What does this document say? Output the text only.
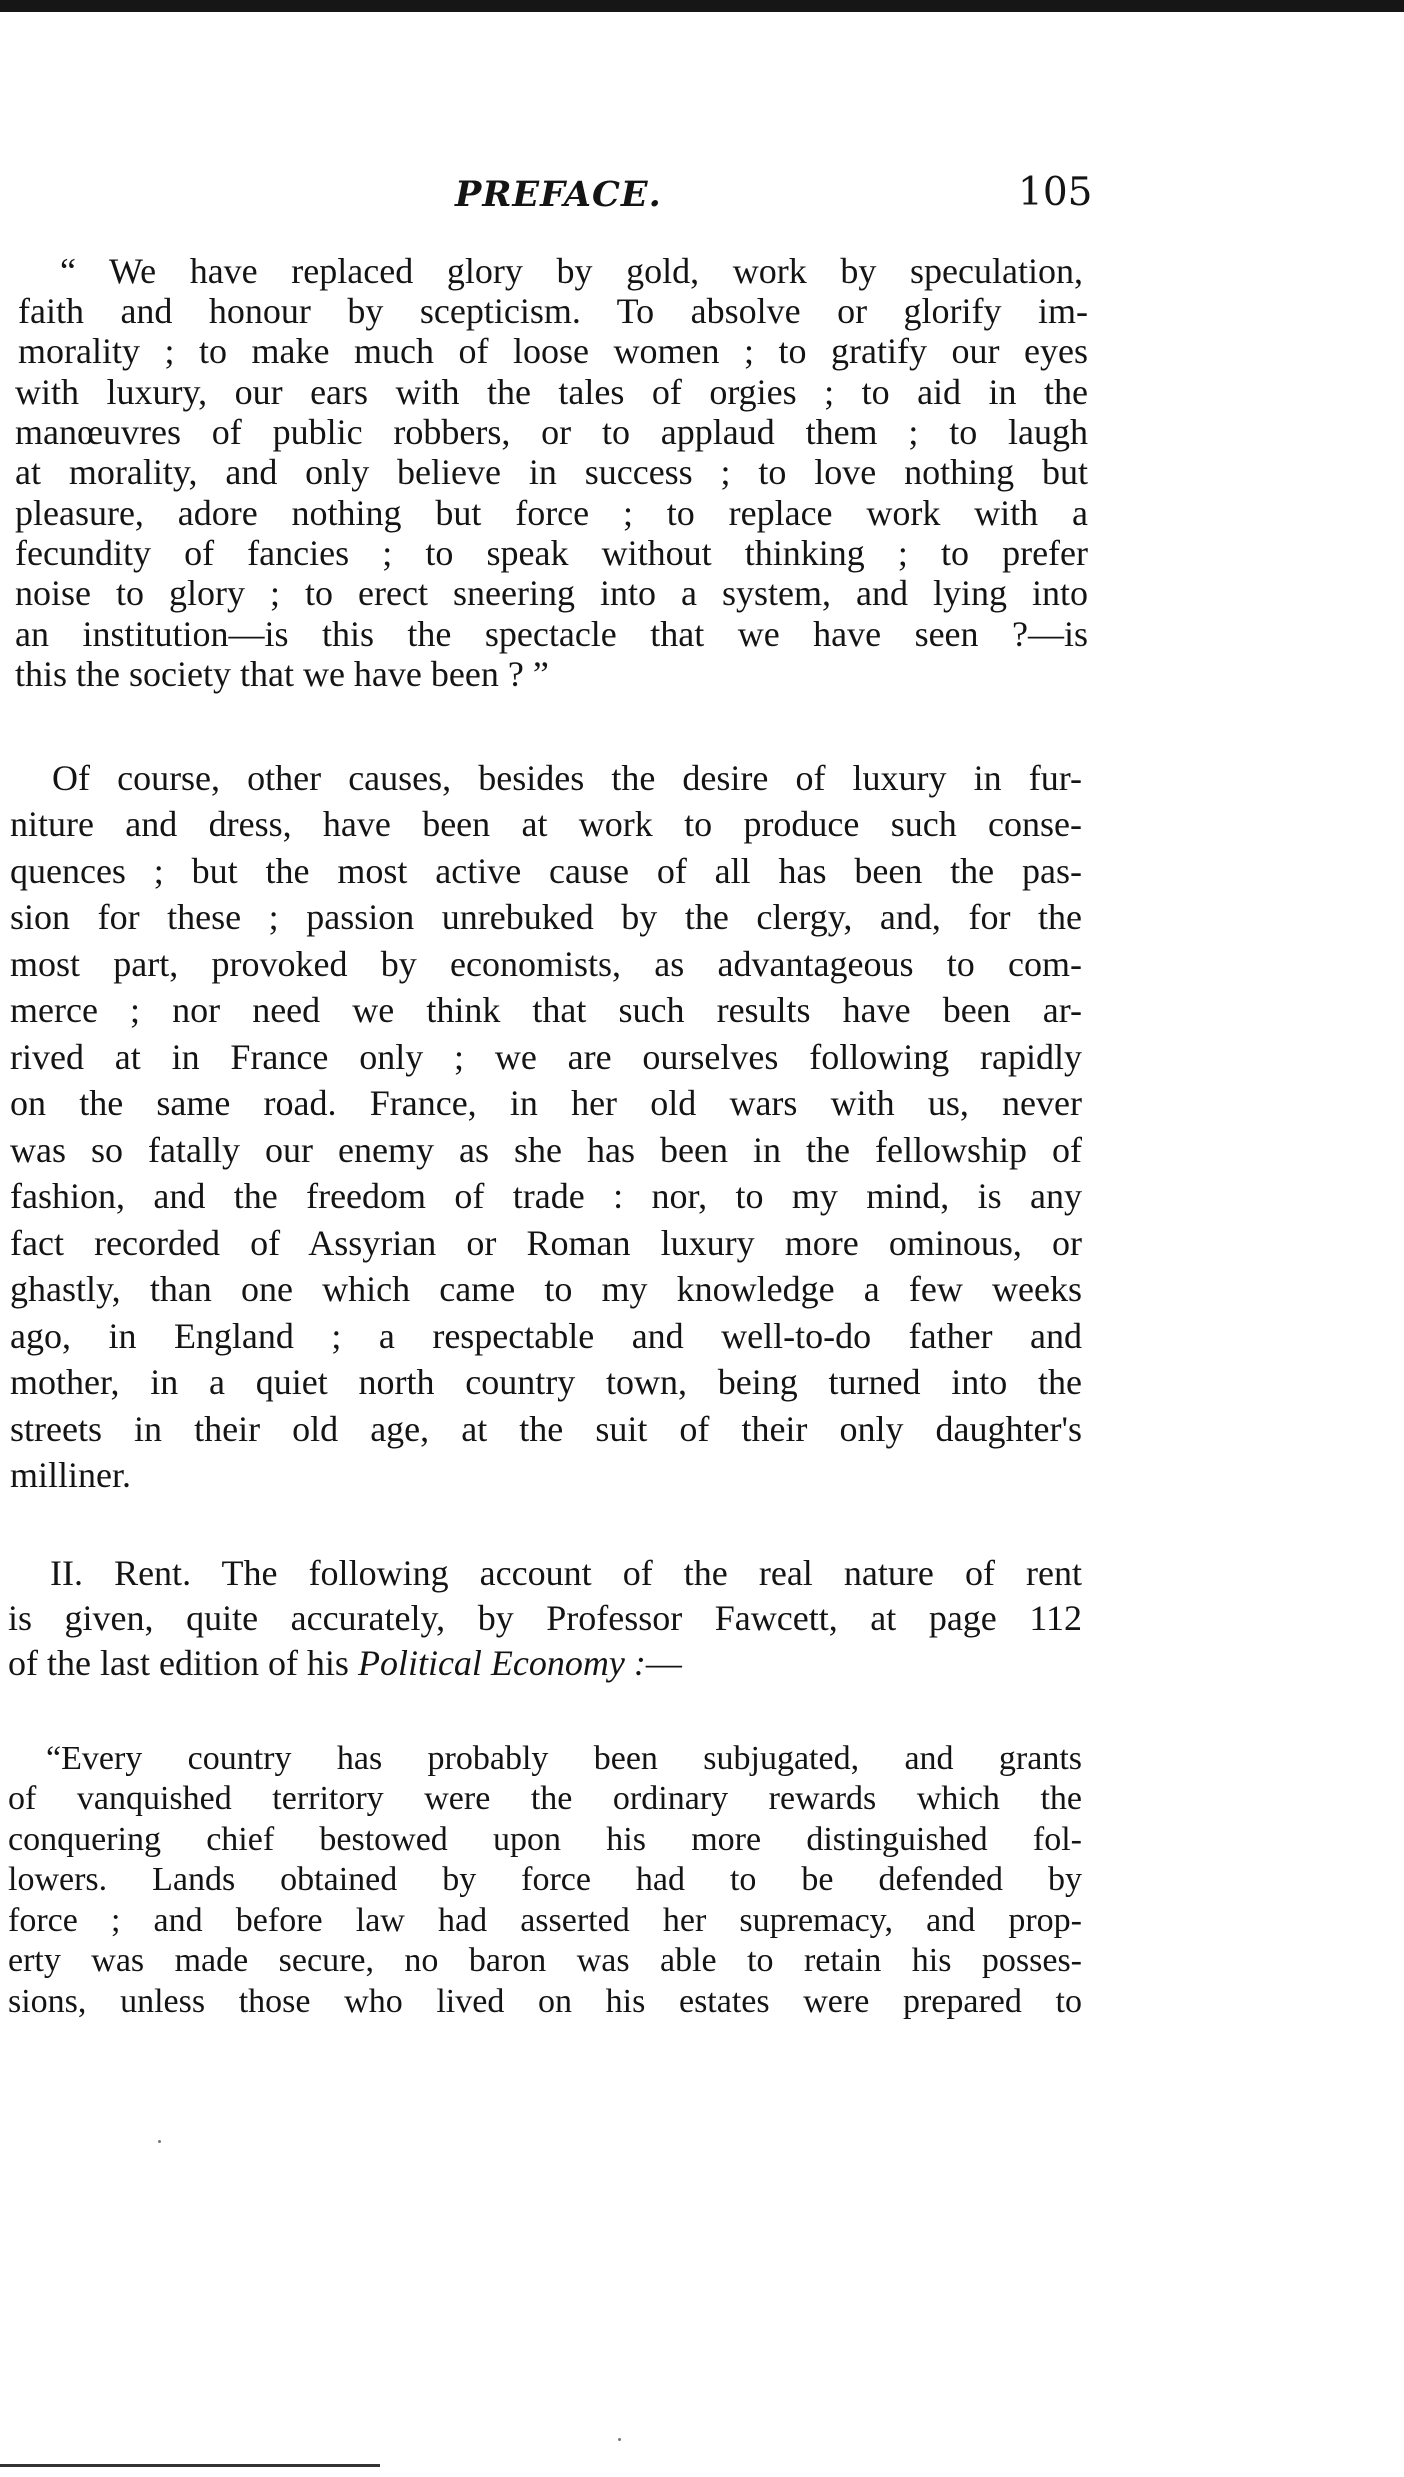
PREFACE.	105
“ We have replaced glory by gold, work by speculation,
faith and honour by scepticism. To absolve or glorify im-
morality ; to make much of loose women ; to gratify our eyes
with luxury, our ears with the tales of orgies ; to aid in the
manœuvres of public robbers, or to applaud them ; to laugh
at morality, and only believe in success ; to love nothing but
pleasure, adore nothing but force ; to replace work with a
fecundity of fancies ; to speak without thinking ; to prefer
noise to glory ; to erect sneering into a system, and lying into
an institution—is this the spectacle that we have seen ?—is
this the society that we have been ? ”
Of course, other causes, besides the desire of luxury in fur-
niture and dress, have been at work to produce such conse-
quences ; but the most active cause of all has been the pas-
sion for these ; passion unrebuked by the clergy, and, for the
most part, provoked by economists, as advantageous to com-
merce ; nor need we think that such results have been ar-
rived at in France only ; we are ourselves following rapidly
on the same road. France, in her old wars with us, never
was so fatally our enemy as she has been in the fellowship of
fashion, and the freedom of trade : nor, to my mind, is any
fact recorded of Assyrian or Roman luxury more ominous, or
ghastly, than one which came to my knowledge a few weeks
ago, in England ; a respectable and well-to-do father and
mother, in a quiet north country town, being turned into the
streets in their old age, at the suit of their only daughter's
milliner.
II. Rent. The following account of the real nature of rent
is given, quite accurately, by Professor Fawcett, at page 112
of the last edition of his Political Economy :—
“Every country has probably been subjugated, and grants
of vanquished territory were the ordinary rewards which the
conquering chief bestowed upon his more distinguished fol-
lowers. Lands obtained by force had to be defended by
force ; and before law had asserted her supremacy, and prop-
erty was made secure, no baron was able to retain his posses-
sions, unless those who lived on his estates were prepared to
